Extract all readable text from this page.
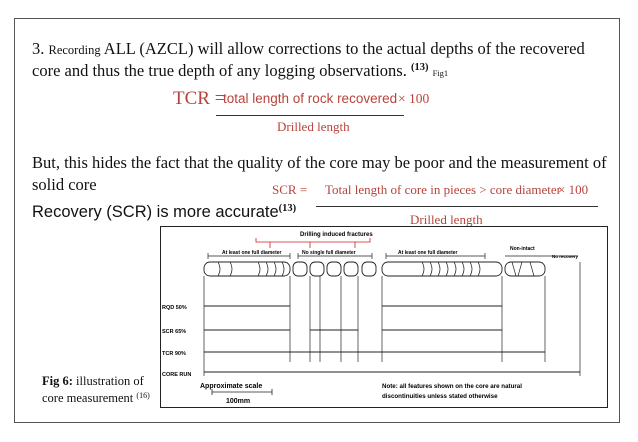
3. Recording ALL (AZCL) will allow corrections to the actual depths of the recovered
core and thus the true depth of any logging observations. $^{(13)}$ Fig1
TCR =
total length of rock recovered × 100
Drilled length
But, this hides the fact that the quality of the core may be poor and the measurement of
solid core	SCR = Total length of core in pieces > core diameter
× 100
Drilled length
Recovery (SCR) is more accurate$^{(13)}$
Drilling induced fractures
At least one full diameter	No single full diameter	At least one full diameter
Non-intact
No recovery
RQD 50%
SCR 65%
TCR 90%
CORE RUN
Approximate scale
100mm
Note: all features shown on the core are natural
discontinuities unless stated otherwise
Fig 6: illustration of
core measurement $^{(16)}$
